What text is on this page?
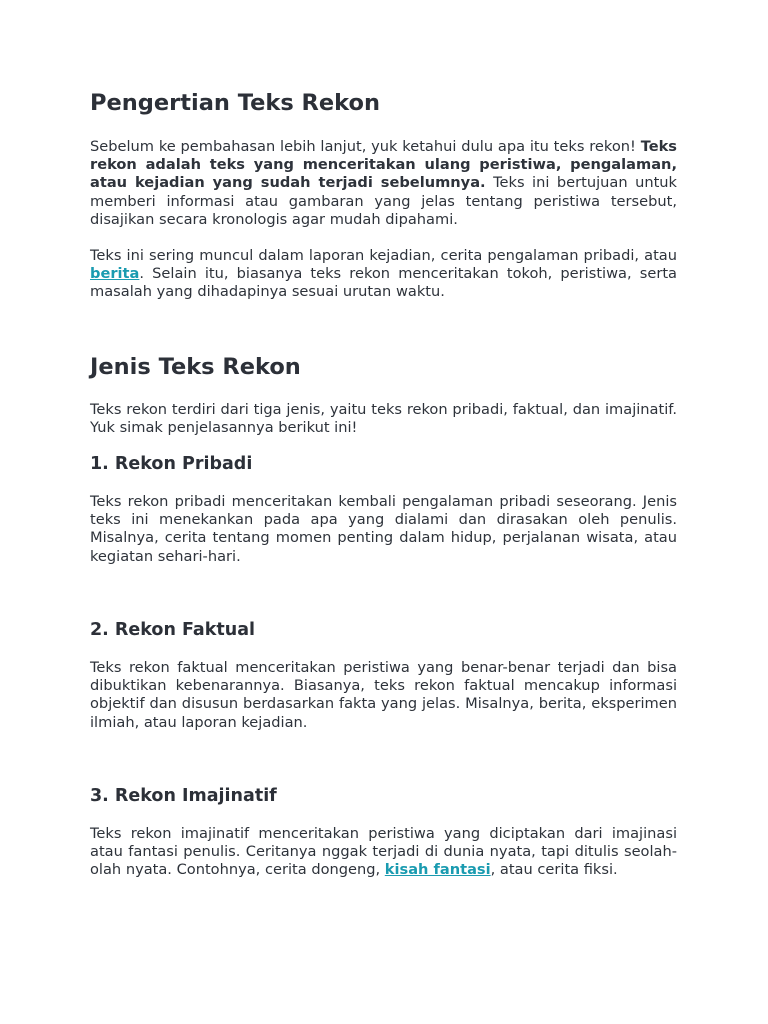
Pengertian Teks Rekon

Sebelum ke pembahasan lebih lanjut, yuk ketahui dulu apa itu teks rekon! Teks rekon adalah teks yang menceritakan ulang peristiwa, pengalaman, atau kejadian yang sudah terjadi sebelumnya. Teks ini bertujuan untuk memberi informasi atau gambaran yang jelas tentang peristiwa tersebut, disajikan secara kronologis agar mudah dipahami.

Teks ini sering muncul dalam laporan kejadian, cerita pengalaman pribadi, atau berita. Selain itu, biasanya teks rekon menceritakan tokoh, peristiwa, serta masalah yang dihadapinya sesuai urutan waktu.

Jenis Teks Rekon

Teks rekon terdiri dari tiga jenis, yaitu teks rekon pribadi, faktual, dan imajinatif. Yuk simak penjelasannya berikut ini!

1. Rekon Pribadi

Teks rekon pribadi menceritakan kembali pengalaman pribadi seseorang. Jenis teks ini menekankan pada apa yang dialami dan dirasakan oleh penulis. Misalnya, cerita tentang momen penting dalam hidup, perjalanan wisata, atau kegiatan sehari-hari.

2. Rekon Faktual

Teks rekon faktual menceritakan peristiwa yang benar-benar terjadi dan bisa dibuktikan kebenarannya. Biasanya, teks rekon faktual mencakup informasi objektif dan disusun berdasarkan fakta yang jelas. Misalnya, berita, eksperimen ilmiah, atau laporan kejadian.

3. Rekon Imajinatif

Teks rekon imajinatif menceritakan peristiwa yang diciptakan dari imajinasi atau fantasi penulis. Ceritanya nggak terjadi di dunia nyata, tapi ditulis seolah-olah nyata. Contohnya, cerita dongeng, kisah fantasi, atau cerita fiksi.
